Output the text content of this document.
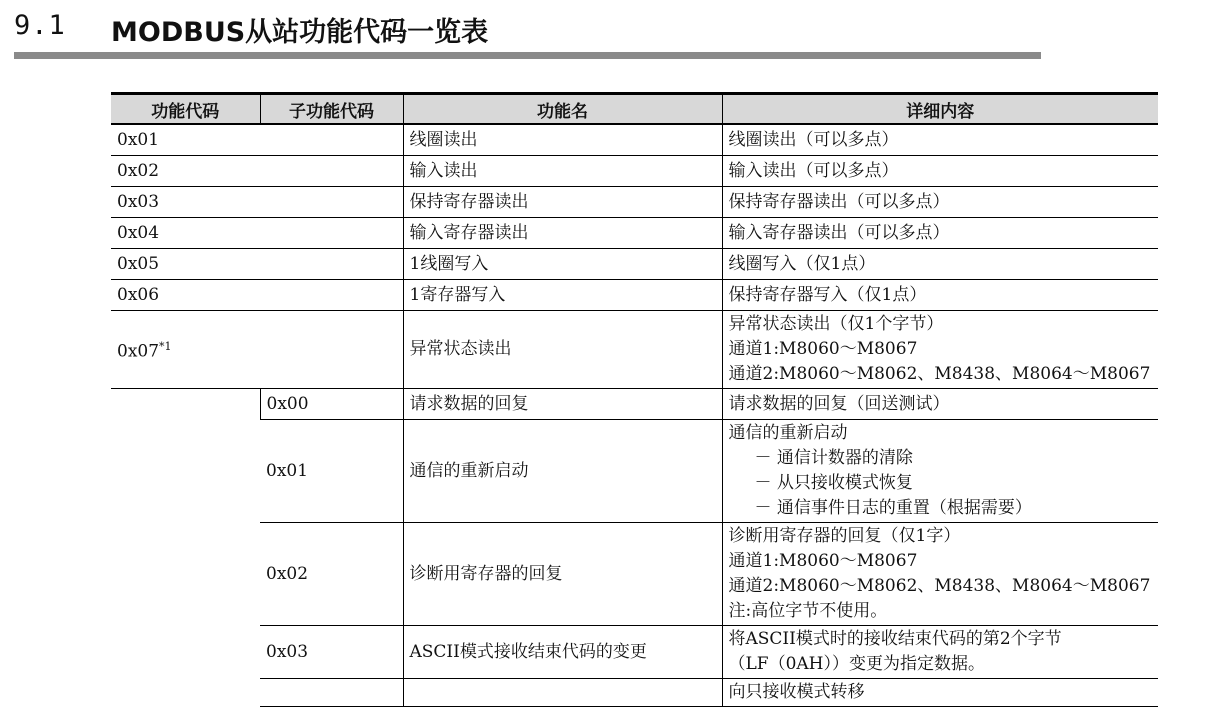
9.1 MODBUS从站功能代码一览表
功能代码	子功能代码	功能名	详细内容
0x01		线圈读出	线圈读出（可以多点）

0x02		输入读出	输入读出（可以多点）

0x03		保持寄存器读出	保持寄存器读出（可以多点）

0x04		输入寄存器读出	输入寄存器读出（可以多点）

0x05		1线圈写入	线圈写入（仅1点）

0x06		1寄存器写入	保持寄存器写入（仅1点）

0x07$^{*1}$		异常状态读出	异常状态读出（仅1个字节）
通道1:M8060～M8067
通道2:M8060～M8062、M8438、M8064～M8067

	0x00	请求数据的回复	请求数据的回复（回送测试）

	0x01	通信的重新启动	通信的重新启动
－ 通信计数器的清除
－ 从只接收模式恢复
－ 通信事件日志的重置（根据需要）

	0x02	诊断用寄存器的回复	诊断用寄存器的回复（仅1字）
通道1:M8060～M8067
通道2:M8060～M8062、M8438、M8064～M8067
注:高位字节不使用。

	0x03	ASCII模式接收结束代码的变更	将ASCII模式时的接收结束代码的第2个字节
（LF（0AH））变更为指定数据。

			向只接收模式转移
